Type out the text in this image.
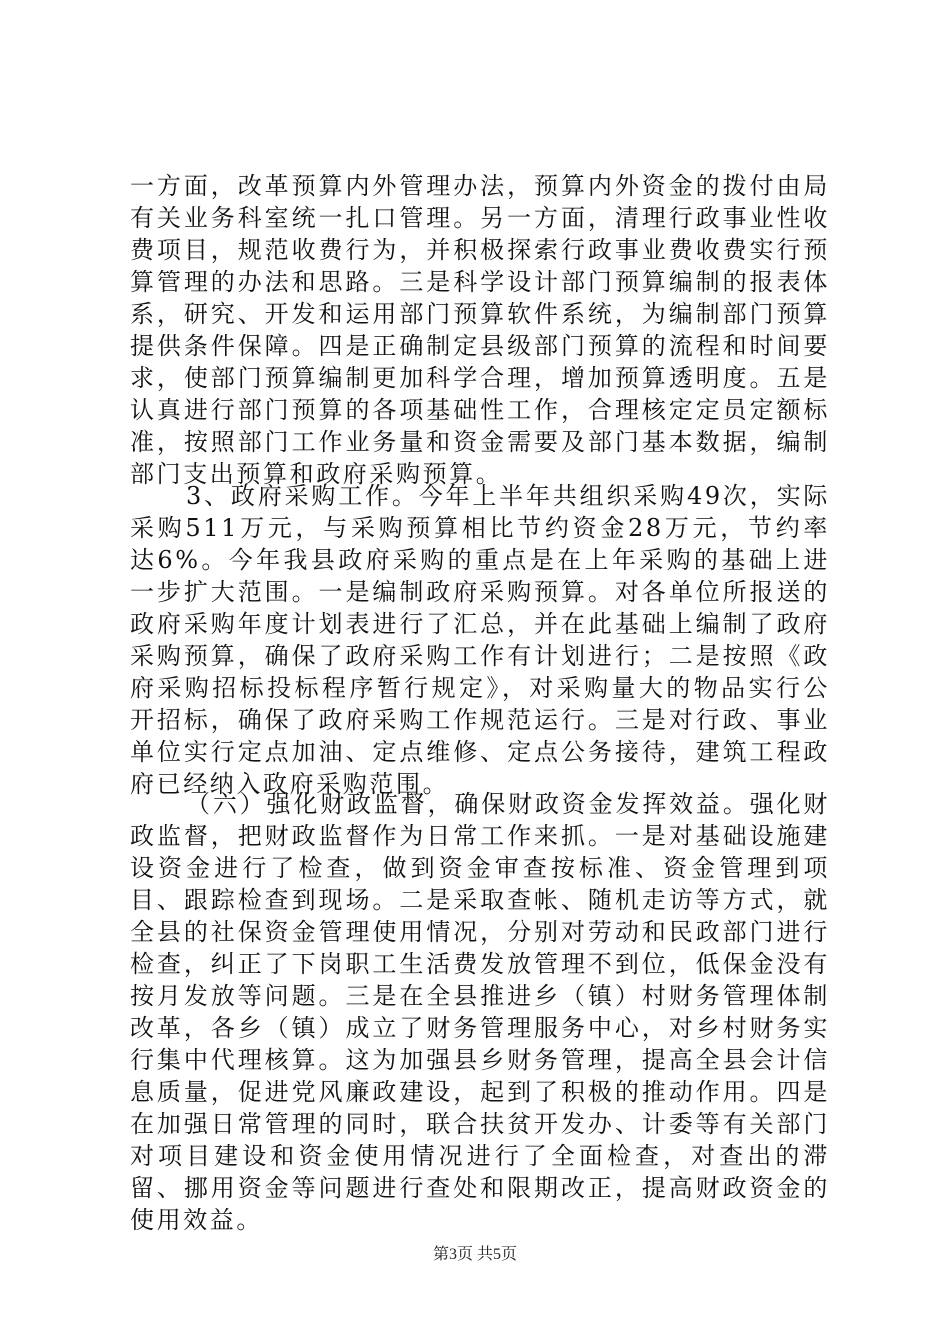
一方面，改革预算内外管理办法，预算内外资金的拨付由局有关业务科室统一扎口管理。另一方面，清理行政事业性收费项目，规范收费行为，并积极探索行政事业费收费实行预算管理的办法和思路。三是科学设计部门预算编制的报表体系，研究、开发和运用部门预算软件系统，为编制部门预算提供条件保障。四是正确制定县级部门预算的流程和时间要求，使部门预算编制更加科学合理，增加预算透明度。五是认真进行部门预算的各项基础性工作，合理核定定员定额标准，按照部门工作业务量和资金需要及部门基本数据，编制部门支出预算和政府采购预算。

3、政府采购工作。今年上半年共组织采购49次，实际采购511万元，与采购预算相比节约资金28万元，节约率达6%。今年我县政府采购的重点是在上年采购的基础上进一步扩大范围。一是编制政府采购预算。对各单位所报送的政府采购年度计划表进行了汇总，并在此基础上编制了政府采购预算，确保了政府采购工作有计划进行；二是按照《政府采购招标投标程序暂行规定》，对采购量大的物品实行公开招标，确保了政府采购工作规范运行。三是对行政、事业单位实行定点加油、定点维修、定点公务接待，建筑工程政府已经纳入政府采购范围。

（六）强化财政监督，确保财政资金发挥效益。强化财政监督，把财政监督作为日常工作来抓。一是对基础设施建设资金进行了检查，做到资金审查按标准、资金管理到项目、跟踪检查到现场。二是采取查帐、随机走访等方式，就全县的社保资金管理使用情况，分别对劳动和民政部门进行检查，纠正了下岗职工生活费发放管理不到位，低保金没有按月发放等问题。三是在全县推进乡（镇）村财务管理体制改革，各乡（镇）成立了财务管理服务中心，对乡村财务实行集中代理核算。这为加强县乡财务管理，提高全县会计信息质量，促进党风廉政建设，起到了积极的推动作用。四是在加强日常管理的同时，联合扶贫开发办、计委等有关部门对项目建设和资金使用情况进行了全面检查，对查出的滞留、挪用资金等问题进行查处和限期改正，提高财政资金的使用效益。

第3页 共5页
